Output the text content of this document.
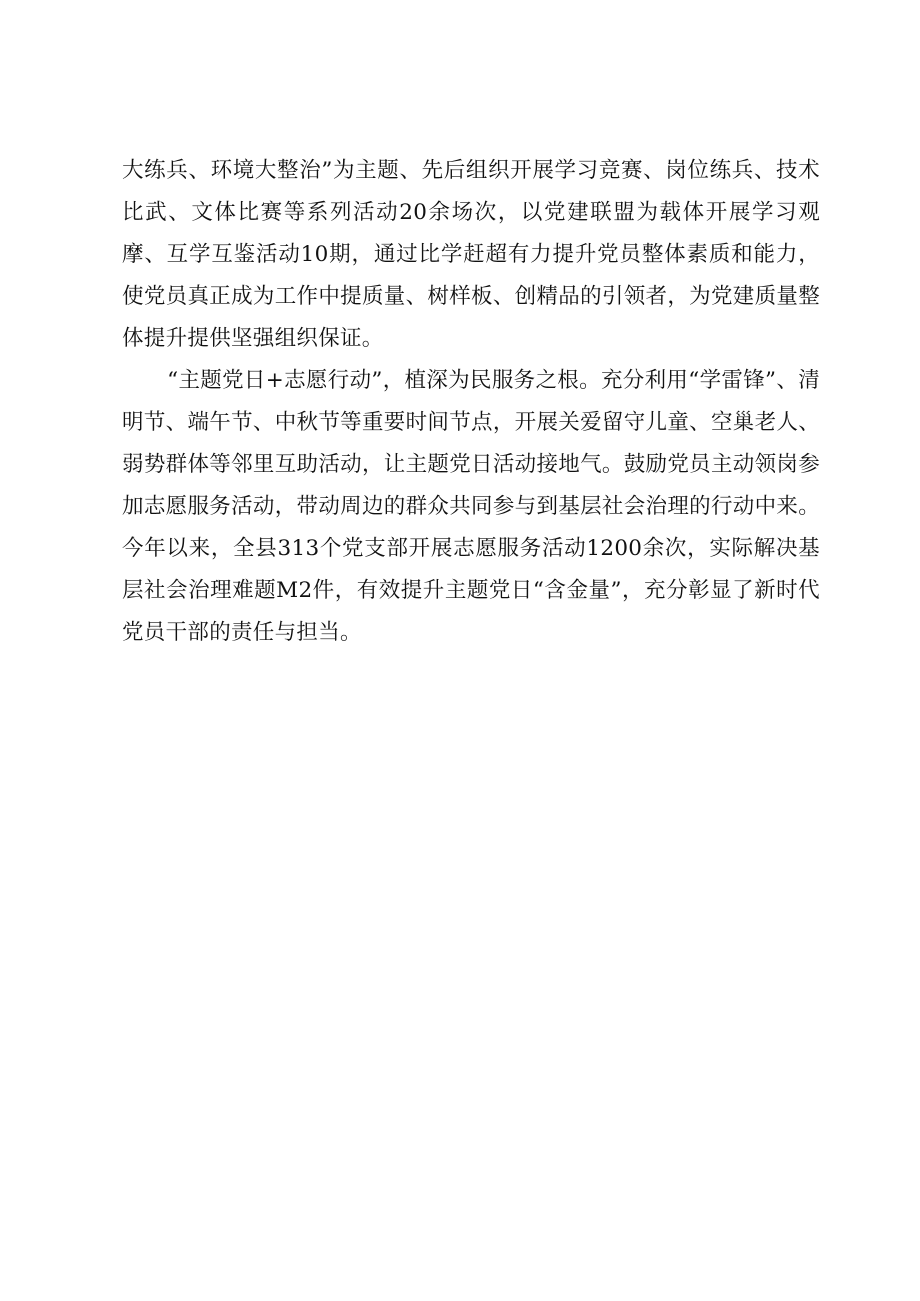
大练兵、环境大整治”为主题、先后组织开展学习竞赛、岗位练兵、技术比武、文体比赛等系列活动20余场次，以党建联盟为载体开展学习观摩、互学互鉴活动10期，通过比学赶超有力提升党员整体素质和能力，使党员真正成为工作中提质量、树样板、创精品的引领者，为党建质量整体提升提供坚强组织保证。

“主题党日+志愿行动”，植深为民服务之根。充分利用“学雷锋”、清明节、端午节、中秋节等重要时间节点，开展关爱留守儿童、空巢老人、弱势群体等邻里互助活动，让主题党日活动接地气。鼓励党员主动领岗参加志愿服务活动，带动周边的群众共同参与到基层社会治理的行动中来。今年以来，全县313个党支部开展志愿服务活动1200余次，实际解决基层社会治理难题M2件，有效提升主题党日“含金量”，充分彰显了新时代党员干部的责任与担当。
